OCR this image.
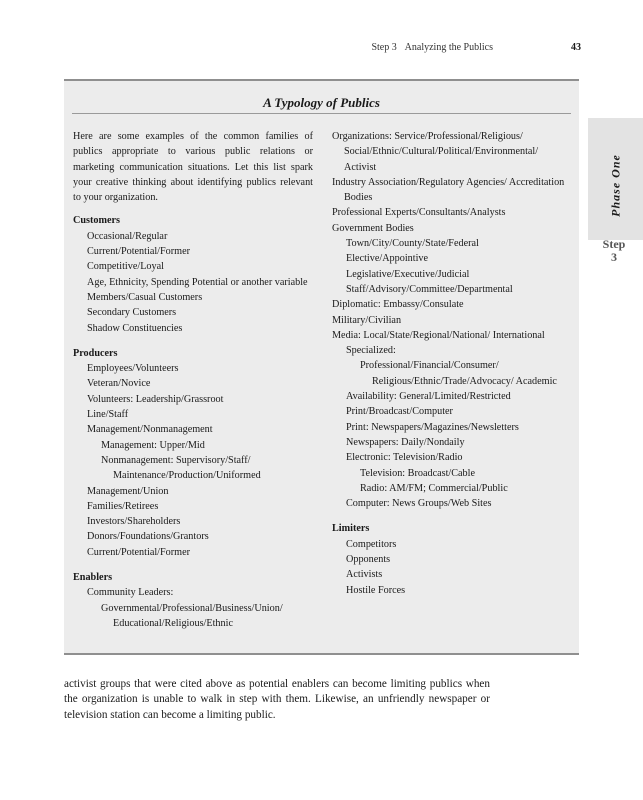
Step 3 Analyzing the Publics	43
A Typology of Publics
Here are some examples of the common families of publics appropriate to various public relations or marketing communication situations. Let this list spark your creative thinking about identifying publics relevant to your organization.
Customers
Occasional/Regular
Current/Potential/Former
Competitive/Loyal
Age, Ethnicity, Spending Potential or another variable
Members/Casual Customers
Secondary Customers
Shadow Constituencies
Producers
Employees/Volunteers
Veteran/Novice
Volunteers: Leadership/Grassroot
Line/Staff
Management/Nonmanagement
Management: Upper/Mid
Nonmanagement: Supervisory/Staff/ Maintenance/Production/Uniformed
Management/Union
Families/Retirees
Investors/Shareholders
Donors/Foundations/Grantors
Current/Potential/Former
Enablers
Community Leaders:
Governmental/Professional/Business/Union/ Educational/Religious/Ethnic
Organizations: Service/Professional/Religious/ Social/Ethnic/Cultural/Political/Environmental/ Activist
Industry Association/Regulatory Agencies/ Accreditation Bodies
Professional Experts/Consultants/Analysts
Government Bodies
Town/City/County/State/Federal
Elective/Appointive
Legislative/Executive/Judicial
Staff/Advisory/Committee/Departmental
Diplomatic: Embassy/Consulate
Military/Civilian
Media: Local/State/Regional/National/ International
Specialized:
Professional/Financial/Consumer/ Religious/Ethnic/Trade/Advocacy/ Academic
Availability: General/Limited/Restricted
Print/Broadcast/Computer
Print: Newspapers/Magazines/Newsletters
Newspapers: Daily/Nondaily
Electronic: Television/Radio
Television: Broadcast/Cable
Radio: AM/FM; Commercial/Public
Computer: News Groups/Web Sites
Limiters
Competitors
Opponents
Activists
Hostile Forces
Phase One
Step
3
activist groups that were cited above as potential enablers can become limiting publics when the organization is unable to walk in step with them. Likewise, an unfriendly newspaper or television station can become a limiting public.
